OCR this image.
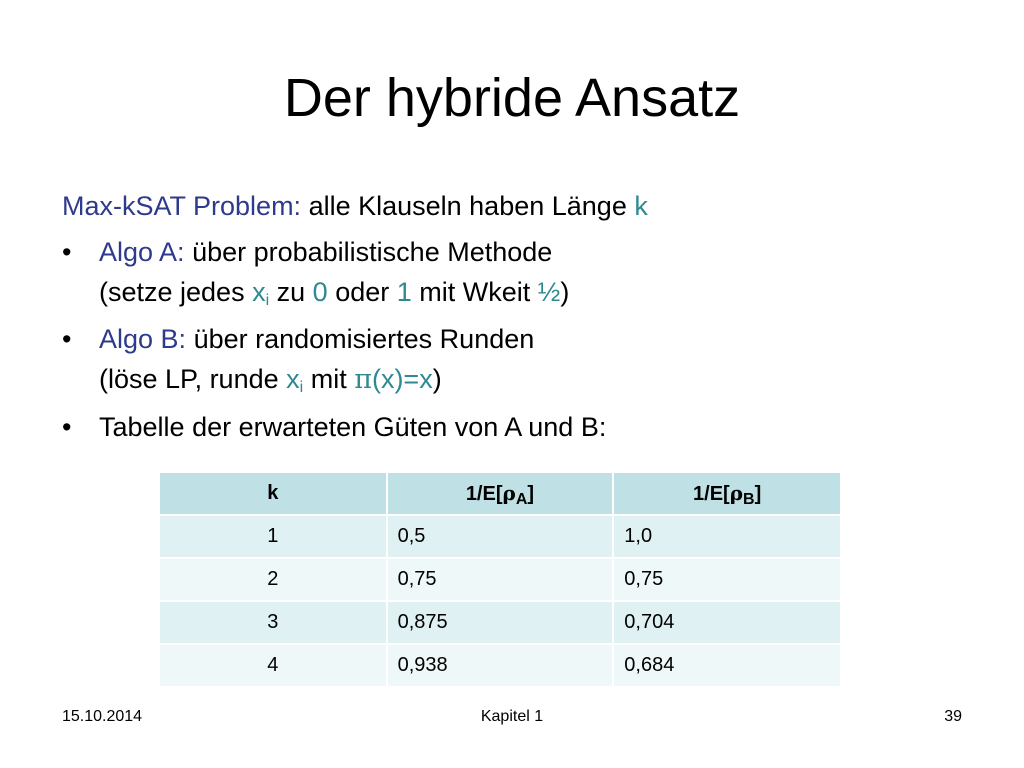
Der hybride Ansatz

Max-kSAT Problem: alle Klauseln haben Länge k

• Algo A: über probabilistische Methode
(setze jedes $x_i$ zu 0 oder 1 mit Wkeit ½)
• Algo B: über randomisiertes Runden
(löse LP, runde $x_i$ mit π(x)=x)
• Tabelle der erwarteten Güten von A und B:
k	$1/E[\rho_A]$	$1/E[\rho_B]$
1	0,5	1,0
2	0,75	0,75
3	0,875	0,704
4	0,938	0,684
15.10.2014	Kapitel 1	39
